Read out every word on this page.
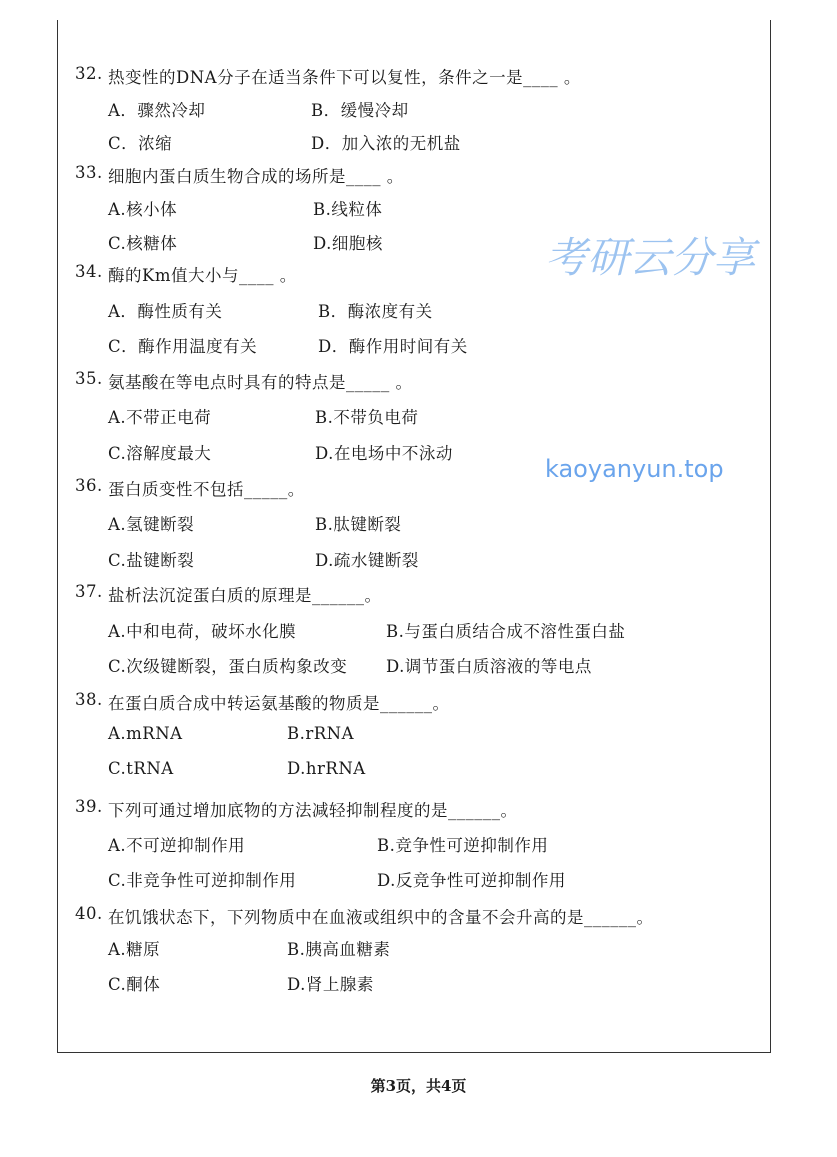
考研云分享
kaoyanyun.top
32. 热变性的DNA分子在适当条件下可以复性，条件之一是____ 。
A．骤然冷却	B．缓慢冷却
C．浓缩	D．加入浓的无机盐
33. 细胞内蛋白质生物合成的场所是____ 。
A.核小体	B.线粒体
C.核糖体	D.细胞核
34. 酶的Km值大小与____ 。
A．酶性质有关	B．酶浓度有关
C．酶作用温度有关	D．酶作用时间有关
35. 氨基酸在等电点时具有的特点是_____ 。
A.不带正电荷	B.不带负电荷
C.溶解度最大	D.在电场中不泳动
36. 蛋白质变性不包括_____。
A.氢键断裂	B.肽键断裂
C.盐键断裂	D.疏水键断裂
37. 盐析法沉淀蛋白质的原理是______。
A.中和电荷，破坏水化膜	B.与蛋白质结合成不溶性蛋白盐
C.次级键断裂，蛋白质构象改变 D.调节蛋白质溶液的等电点
38. 在蛋白质合成中转运氨基酸的物质是______。
A.mRNA	B.rRNA
C.tRNA	D.hrRNA
39. 下列可通过增加底物的方法减轻抑制程度的是______。
A.不可逆抑制作用	B.竞争性可逆抑制作用
C.非竞争性可逆抑制作用	D.反竞争性可逆抑制作用
40. 在饥饿状态下，下列物质中在血液或组织中的含量不会升高的是______。
A.糖原	B.胰高血糖素
C.酮体	D.肾上腺素
第3页，共4页
